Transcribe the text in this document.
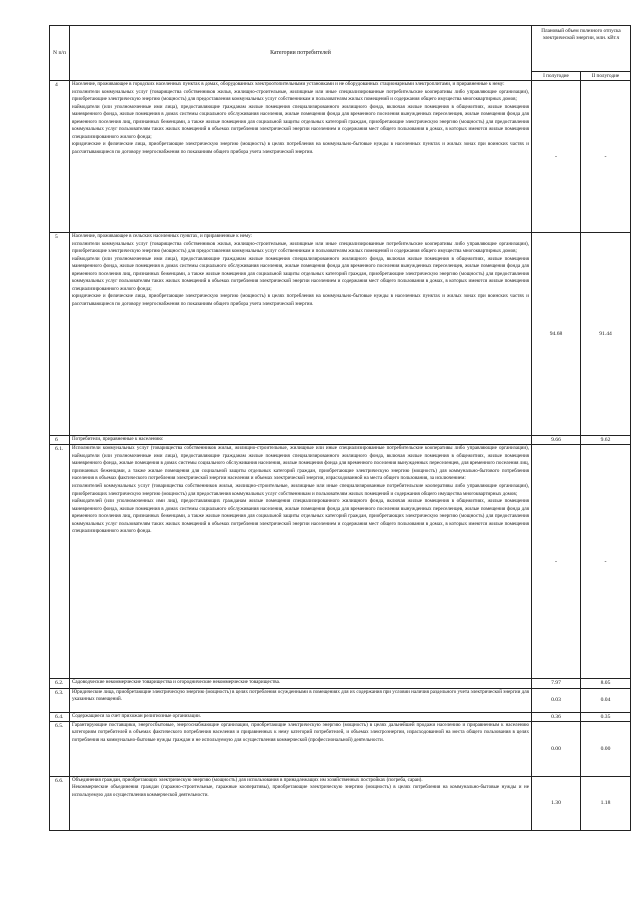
N п/п	Категории потребителей	Плановый объем полезного отпуска электрической энергии, млн. кВт.ч	
		I полугодие	II полугодие
4	Население, проживающее в городских населенных пунктах в домах, оборудованных электроотопительными установками и не оборудованных стационарными электроплитами, и приравненные к нему:

исполнители коммунальных услуг (товарищества собственников жилья, жилищно-строительные, жилищные или иные специализированные потребительские кооперативы либо управляющие организации), приобретающие электрическую энергию (мощность) для предоставления коммунальных услуг собственникам и пользователям жилых помещений и содержания общего имущества многоквартирных домов;

наймодатели (или уполномоченные ими лица), предоставляющие гражданам жилые помещения специализированного жилищного фонда, включая жилые помещения в общежитиях, жилые помещения маневренного фонда, жилые помещения в домах системы социального обслуживания населения, жилые помещения фонда для временного поселения вынужденных переселенцев, жилые помещения фонда для временного поселения лиц, признанных беженцами, а также жилые помещения для социальной защиты отдельных категорий граждан, приобретающие электрическую энергию (мощность) для предоставления коммунальных услуг пользователям таких жилых помещений в объемах потребления электрической энергии населением и содержания мест общего пользования в домах, в которых имеются жилые помещения специализированного жилого фонда;

юридические и физические лица, приобретающие электрическую энергию (мощность) в целях потребления на коммунально-бытовые нужды в населенных пунктах и жилых зонах при воинских частях и рассчитывающиеся по договору энергоснабжения по показаниям общего прибора учета электрической энергии.	-	-
5	Население, проживающее в сельских населенных пунктах, и приравненные к нему:

исполнители коммунальных услуг (товарищества собственников жилья, жилищно-строительные, жилищные или иные специализированные потребительские кооперативы либо управляющие организации), приобретающие электрическую энергию (мощность) для предоставления коммунальных услуг собственникам и пользователям жилых помещений и содержания общего имущества многоквартирных домов;

наймодатели (или уполномоченные ими лица), предоставляющие гражданам жилые помещения специализированного жилищного фонда, включая жилые помещения в общежитиях, жилые помещения маневренного фонда, жилые помещения в домах системы социального обслуживания населения, жилые помещения фонда для временного поселения вынужденных переселенцев, жилые помещения фонда для временного поселения лиц, признанных беженцами, а также жилые помещения для социальной защиты отдельных категорий граждан, приобретающие электрическую энергию (мощность) для предоставления коммунальных услуг пользователям таких жилых помещений в объемах потребления электрической энергии населением и содержания мест общего пользования в домах, в которых имеются жилые помещения специализированного жилого фонда;

юридические и физические лица, приобретающие электрическую энергию (мощность) в целях потребления на коммунально-бытовые нужды в населенных пунктах и жилых зонах при воинских частях и рассчитывающиеся по договору энергоснабжения по показаниям общего прибора учета электрической энергии.	94.68	91.44
6	Потребители, приравненные к населению:	9.66	9.62
6.1.	Исполнители коммунальных услуг (товарищества собственников жилья, жилищно-строительные, жилищные или иные специализированные потребительские кооперативы либо управляющие организации), наймодатели (или уполномоченные ими лица), предоставляющие гражданам жилые помещения специализированного жилищного фонда, включая жилые помещения в общежитиях, жилые помещения маневренного фонда, жилые помещения в домах системы социального обслуживания населения, жилые помещения фонда для временного поселения вынужденных переселенцев, для временного поселения лиц, признанных беженцами, а также жилые помещения для социальной защиты отдельных категорий граждан, приобретающие электрическую энергию (мощность) для коммунально-бытового потребления населения в объемах фактического потребления электрической энергии населения и объемах электрической энергии, израсходованной на места общего пользования, за исключением:

исполнителей коммунальных услуг (товарищества собственников жилья, жилищно-строительные, жилищные или иные специализированные потребительские кооперативы либо управляющие организации), приобретающих электрическую энергию (мощность) для предоставления коммунальных услуг собственникам и пользователям жилых помещений и содержания общего имущества многоквартирных домов;

наймодателей (или уполномоченных ими лиц), предоставляющих гражданам жилые помещения специализированного жилищного фонда, включая жилые помещения в общежитиях, жилые помещения маневренного фонда, жилые помещения в домах системы социального обслуживания населения, жилые помещения фонда для временного поселения вынужденных переселенцев, жилые помещения фонда для временного поселения лиц, признанных беженцами, а также жилые помещения для социальной защиты отдельных категорий граждан, приобретающих электрическую энергию (мощность) для предоставления коммунальных услуг пользователям таких жилых помещений в объемах потребления электрической энергии населением и содержания мест общего пользования в домах, в которых имеются жилые помещения специализированного жилого фонда.	-	-
6.2.	Садоводческие некоммерческие товарищества и огороднические некоммерческие товарищества.	7.97	8.05
6.3.	Юридические лица, приобретающие электрическую энергию (мощность) в целях потребления осужденными в помещениях для их содержания при условии наличия раздельного учета электрической энергии для указанных помещений.	0.03	0.04
6.4.	Содержащиеся за счет прихожан религиозные организации.	0.36	0.35
6.5.	Гарантирующие поставщики, энергосбытовые, энергоснабжающие организации, приобретающие электрическую энергию (мощность) в целях дальнейшей продажи населению и приравненным к населению категориям потребителей в объемах фактического потребления населения и приравненных к нему категорий потребителей, и объемах электроэнергии, израсходованной на места общего пользования в целях потребления на коммунально-бытовые нужды граждан и не используемую для осуществления коммерческой (профессиональной) деятельности.	0.00	0.00
6.6.	Объединения граждан, приобретающих электрическую энергию (мощность) для использования в принадлежащих им хозяйственных постройках (погреба, сараи).

Некоммерческие объединения граждан (гаражно-строительные, гаражные кооперативы), приобретающие электрическую энергию (мощность) в целях потребления на коммунально-бытовые нужды и не используемую для осуществления коммерческой деятельности.	1.30	1.18
